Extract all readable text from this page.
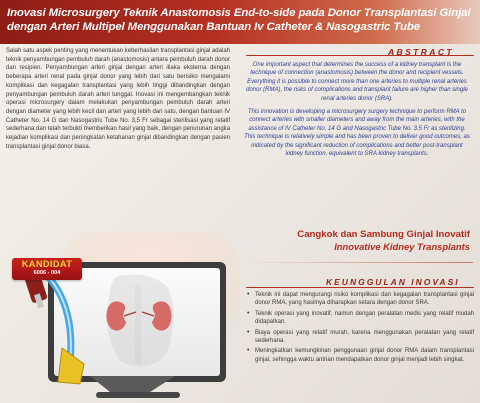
Inovasi Microsurgery Teknik Anastomosis End-to-side pada Donor Transplantasi Ginjal dengan Arteri Multipel Menggunakan Bantuan Iv Catheter & Nasogastric Tube

Salah satu aspek penting yang menentukan keberhasilan transplantasi ginjal adalah teknik penyambungan pembuluh darah (anastomosis) antara pembuluh darah donor dan resipien. Penyambungan arteri ginjal dengan arteri iliaka eksterna dengan beberapa arteri renal pada ginjal donor yang lebih dari satu berisiko mengalami komplikasi dan kegagalan transplantasi yang lebih tinggi dibandingkan dengan penyambungan pembuluh darah arteri tunggal. Inovasi ini mengembangkan teknik operasi microsurgery dalam melakukan penyambungan pembuluh darah arteri dengan diameter yang lebih kecil dan arteri yang lebih dari satu, dengan bantuan IV Catheter No. 14 G dan Nasogastric Tube No. 3,5 Fr sebagai sterilisasi yang relatif sederhana dan telah terbukti memberikan hasil yang baik, dengan penurunan angka kejadian komplikasi dan peningkatan ketahanan ginjal dibandingkan dengan pasien transplantasi ginjal donor biasa.

ABSTRACT

One important aspect that determines the success of a kidney transplant is the technique of connection (anastomosis) between the donor and recipient vessels. Everything it is possible to connect more than one arteries to multiple renal arteries donor (RMA), the risks of complications and transplant failure are higher than single renal arteries donor (SRA).

This innovation is developing a microsurgery surgery technique to perform RMA to connect arteries with smaller diameters and away from the main arteries, with the assistance of IV Catheter No. 14 G and Nasogastric Tube No. 3.5 Fr as sterilizing. This technique is relatively simple and has been proven to deliver good outcomes, as indicated by the significant reduction of complications and better post-transplant kidney function, equivalent to SRA kidney transplants.

Cangkok dan Sambung Ginjal Inovatif
Innovative Kidney Transplants
KEUNGGULAN INOVASI
• Teknik ini dapat mengurangi risiko komplikasi dan kegagalan transplantasi ginjal donor RMA, yang hasilnya diharapkan setara dengan donor SRA.
• Teknik operasi yang inovatif, namun dengan peralatan medis yang relatif mudah didapatkan.
• Biaya operasi yang relatif murah, karena menggunakan peralatan yang relatif sederhana.
• Meningkatkan kemungkinan penggunaan ginjal donor RMA dalam transplantasi ginjal, sehingga waktu antrian mendapatkan donor ginjal menjadi lebih singkat.
KANDIDAT
6006 - 004
